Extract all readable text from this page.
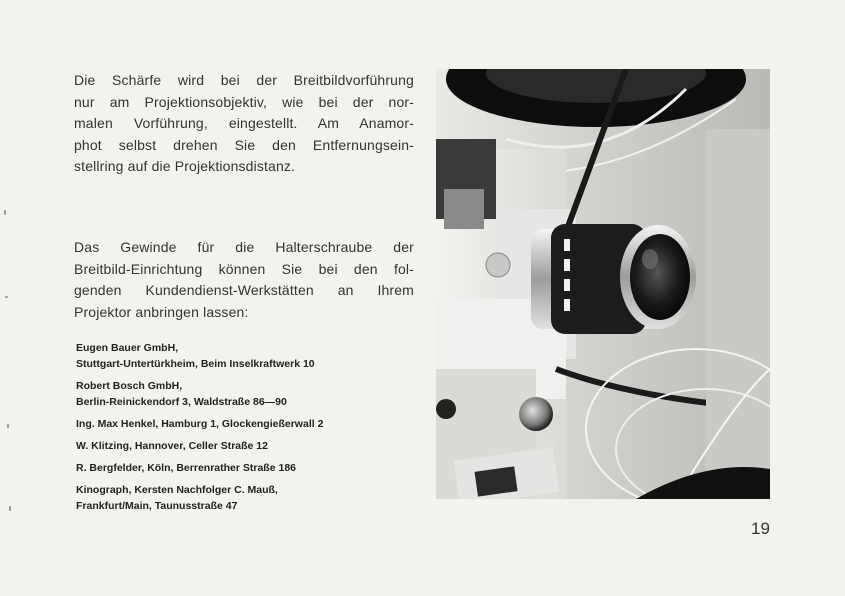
Die Schärfe wird bei der Breitbildvorführung
nur am Projektionsobjektiv, wie bei der nor-
malen Vorführung, eingestellt. Am Anamor-
phot selbst drehen Sie den Entfernungsein-
stellring auf die Projektionsdistanz.
Das Gewinde für die Halterschraube der
Breitbild-Einrichtung können Sie bei den fol-
genden Kundendienst-Werkstätten an Ihrem
Projektor anbringen lassen:
Eugen Bauer GmbH,
Stuttgart-Untertürkheim, Beim Inselkraftwerk 10
Robert Bosch GmbH,
Berlin-Reinickendorf 3, Waldstraße 86—90
Ing. Max Henkel, Hamburg 1, Glockengießerwall 2
W. Klitzing, Hannover, Celler Straße 12
R. Bergfelder, Köln, Berrenrather Straße 186
Kinograph, Kersten Nachfolger C. Mauß,
Frankfurt/Main, Taunusstraße 47
19
